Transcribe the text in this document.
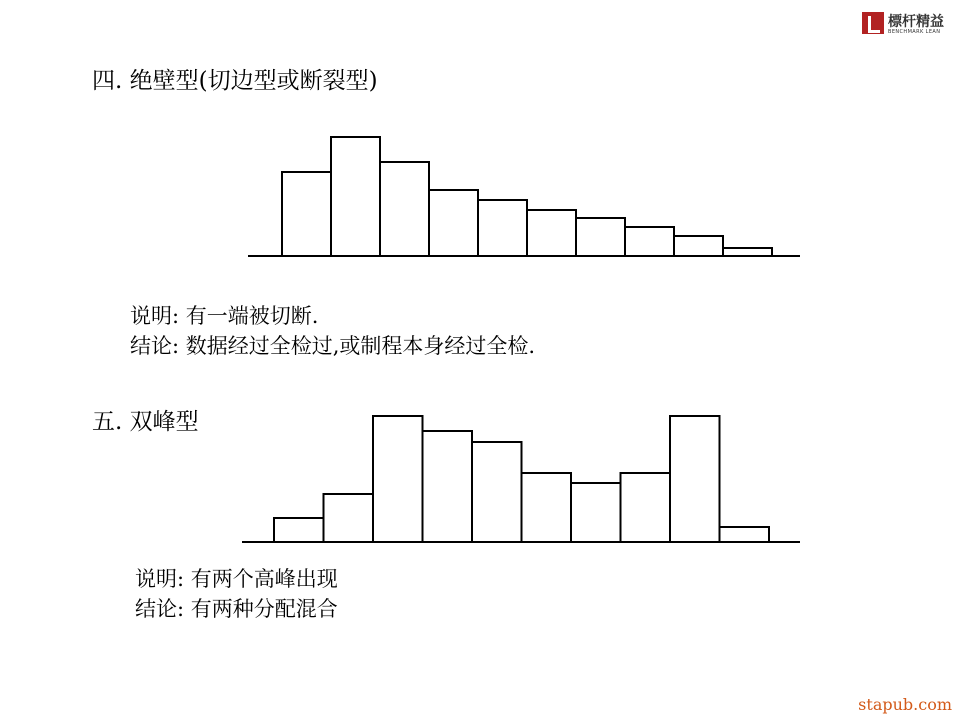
標杆精益
BENCHMARK LEAN
四. 绝壁型(切边型或断裂型)
说明: 有一端被切断.
结论: 数据经过全检过,或制程本身经过全检.
五. 双峰型
说明: 有两个高峰出现
结论: 有两种分配混合
stapub.com
